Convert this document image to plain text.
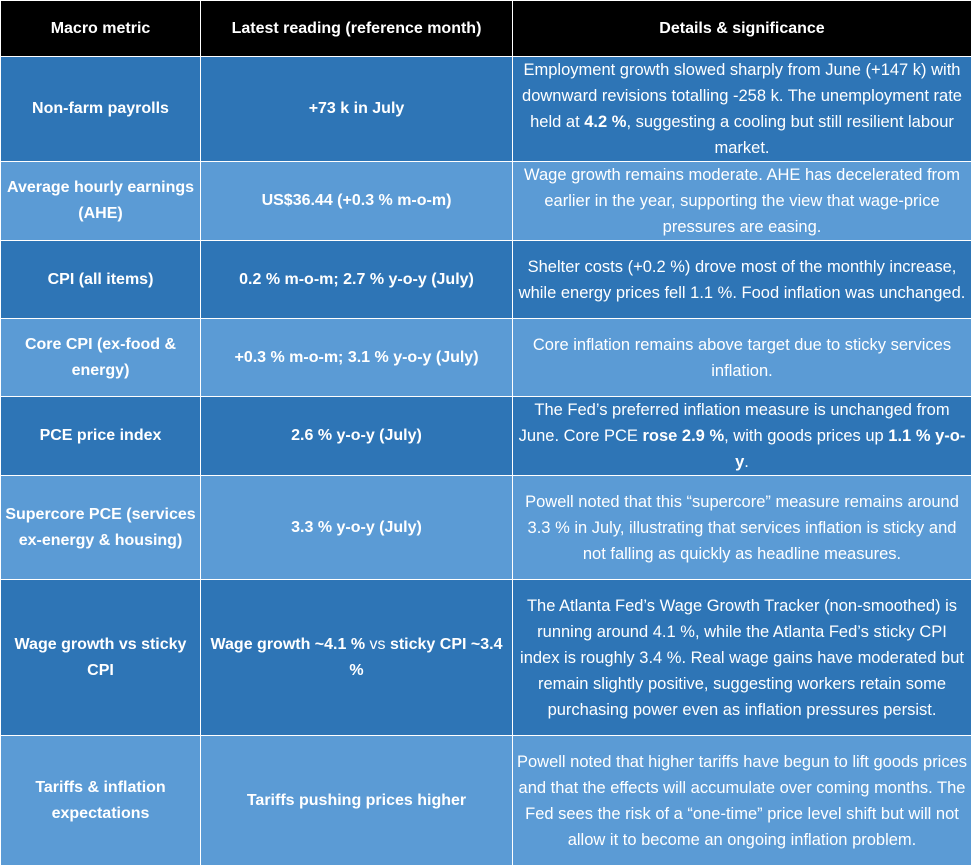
Macro metric	Latest reading (reference month)	Details & significance
Non-farm payrolls	+73 k in July	Employment growth slowed sharply from June (+147 k) with downward revisions totalling -258 k. The unemployment rate held at 4.2 %, suggesting a cooling but still resilient labour market.
Average hourly earnings (AHE)	US$36.44 (+0.3 % m-o-m)	Wage growth remains moderate. AHE has decelerated from earlier in the year, supporting the view that wage-price pressures are easing.
CPI (all items)	0.2 % m-o-m; 2.7 % y-o-y (July)	Shelter costs (+0.2 %) drove most of the monthly increase, while energy prices fell 1.1 %. Food inflation was unchanged.
Core CPI (ex-food & energy)	+0.3 % m-o-m; 3.1 % y-o-y (July)	Core inflation remains above target due to sticky services inflation.
PCE price index	2.6 % y-o-y (July)	The Fed’s preferred inflation measure is unchanged from June. Core PCE rose 2.9 %, with goods prices up 1.1 % y-o-y.
Supercore PCE (services ex-energy & housing)	3.3 % y-o-y (July)	Powell noted that this “supercore” measure remains around 3.3 % in July, illustrating that services inflation is sticky and not falling as quickly as headline measures.
Wage growth vs sticky CPI	Wage growth ~4.1 % vs sticky CPI ~3.4 %	The Atlanta Fed’s Wage Growth Tracker (non-smoothed) is running around 4.1 %, while the Atlanta Fed’s sticky CPI index is roughly 3.4 %. Real wage gains have moderated but remain slightly positive, suggesting workers retain some purchasing power even as inflation pressures persist.
Tariffs & inflation expectations	Tariffs pushing prices higher	Powell noted that higher tariffs have begun to lift goods prices and that the effects will accumulate over coming months. The Fed sees the risk of a “one-time” price level shift but will not allow it to become an ongoing inflation problem.
